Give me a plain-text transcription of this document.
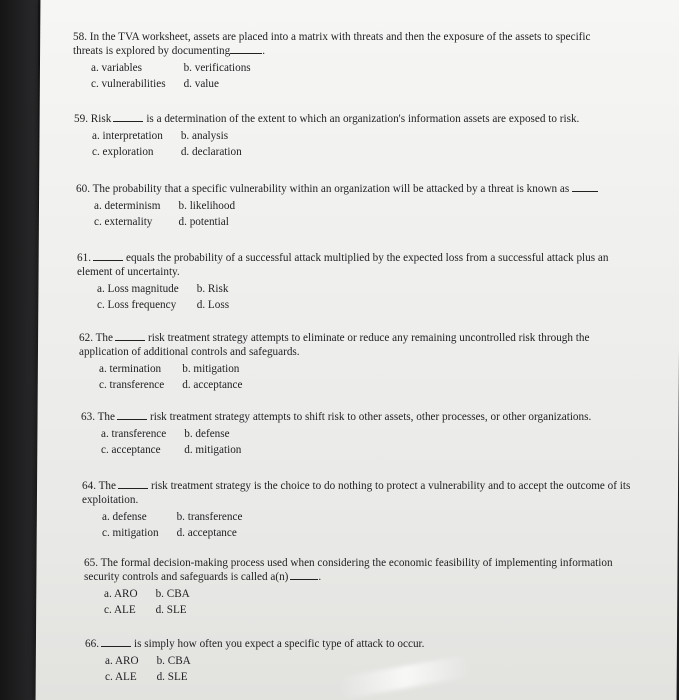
58. In the TVA worksheet, assets are placed into a matrix with threats and then the exposure of the assets to specific threats is explored by documenting	.
a. variables	b. verifications
c. vulnerabilities d. value
59. Risk	is a determination of the extent to which an organization's information assets are exposed to risk.
a. interpretation b. analysis
c. exploration	d. declaration
60. The probability that a specific vulnerability within an organization will be attacked by a threat is known as
a. determinism b. likelihood
c. externality	d. potential
61.	equals the probability of a successful attack multiplied by the expected loss from a successful attack plus an element of uncertainty.
a. Loss magnitude b. Risk
c. Loss frequency d. Loss
62. The	risk treatment strategy attempts to eliminate or reduce any remaining uncontrolled risk through the application of additional controls and safeguards.
a. termination b. mitigation
c. transference d. acceptance
63. The	risk treatment strategy attempts to shift risk to other assets, other processes, or other organizations.
a. transference b. defense
c. acceptance	d. mitigation
64. The	risk treatment strategy is the choice to do nothing to protect a vulnerability and to accept the outcome of its exploitation.
a. defense	b. transference
c. mitigation d. acceptance
65. The formal decision-making process used when considering the economic feasibility of implementing information security controls and safeguards is called a(n)	.
a. ARO b. CBA
c. ALE d. SLE
66.	is simply how often you expect a specific type of attack to occur.
a. ARO b. CBA
c. ALE d. SLE
